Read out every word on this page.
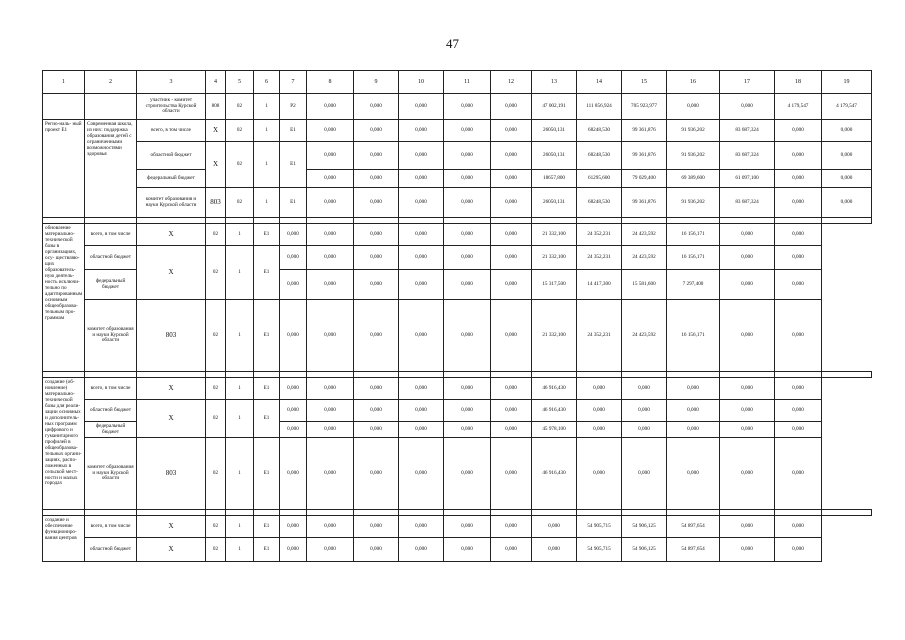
47
1	2	3	4	5	6	7	8	9	10	11	12	13	14	15	16	17	18	19
		участник - комитет строительства Курской области	808	02	1	P2	0,000	0,000	0,000	0,000	0,000	47 002,191	111 856,924	705 923,977	0,000	0,000	4 179,547	4 179,547
Регио-наль- ный проект E1	Современная школа, из них: поддержка образования детей с ограниченными возможностями здоровья	всего, в том числе	X	02	1	E1	0,000	0,000	0,000	0,000	0,000	26050,131	68248,530	99 361,876	91 936,202	83 687,324	0,000	0,000
		областной бюджет	X	02	1	E1	0,000	0,000	0,000	0,000	0,000	26050,131	68248,530	99 361,876	91 936,202	83 687,324	0,000	0,000
		федеральный бюджет					0,000	0,000	0,000	0,000	0,000	18657,800	61295,600	79 029,400	69 389,600	61 097,100	0,000	0,000
		комитет образования и науки Курской области	803	02	1	E1	0,000	0,000	0,000	0,000	0,000	26050,131	68248,530	99 361,876	91 936,202	83 687,324	0,000	0,000

обновление материально-технической базы в организациях, осу- ществляю- щих образователь- ную деятель- ность исключи- тельно по адаптированным основным общеобразова- тельным про- граммам	всего, в том числе	X	02	1	E1	0,000	0,000	0,000	0,000	0,000	0,000	21 332,100	24 352,231	24 423,592	16 156,171	0,000	0,000	
	областной бюджет	X	02	1	E1	0,000	0,000	0,000	0,000	0,000	0,000	21 332,100	24 352,231	24 423,592	16 156,171	0,000	0,000	
	федеральный бюджет					0,000	0,000	0,000	0,000	0,000	0,000	15 317,500	14 417,300	15 581,600	7 297,400	0,000	0,000	
	комитет образования и науки Курской области	803	02	1	E1	0,000	0,000	0,000	0,000	0,000	0,000	21 332,100	24 352,231	24 423,592	16 156,171	0,000	0,000	

создание (об- новление) материально- технической базы для реали- зации основных и дополнитель- ных программ цифрового и гуманитарного профилей в общеобразова- тельных органи- зациях, распо- ложенных в сельской мест- ности и малых городах	всего, в том числе	X	02	1	E1	0,000	0,000	0,000	0,000	0,000	0,000	46 916,430	0,000	0,000	0,000	0,000	0,000	
	областной бюджет	X	02	1	E1	0,000	0,000	0,000	0,000	0,000	0,000	46 916,430	0,000	0,000	0,000	0,000	0,000	
	федеральный бюджет					0,000	0,000	0,000	0,000	0,000	0,000	45 978,100	0,000	0,000	0,000	0,000	0,000	
	комитет образования и науки Курской области	803	02	1	E1	0,000	0,000	0,000	0,000	0,000	0,000	46 916,430	0,000	0,000	0,000	0,000	0,000	

создание и обеспечение функциониро- вания центров	всего, в том числе	X	02	1	E1	0,000	0,000	0,000	0,000	0,000	0,000	0,000	54 905,715	54 906,125	54 897,654	0,000	0,000	
	областной бюджет	X	02	1	E1	0,000	0,000	0,000	0,000	0,000	0,000	0,000	54 905,715	54 906,125	54 897,654	0,000	0,000	
